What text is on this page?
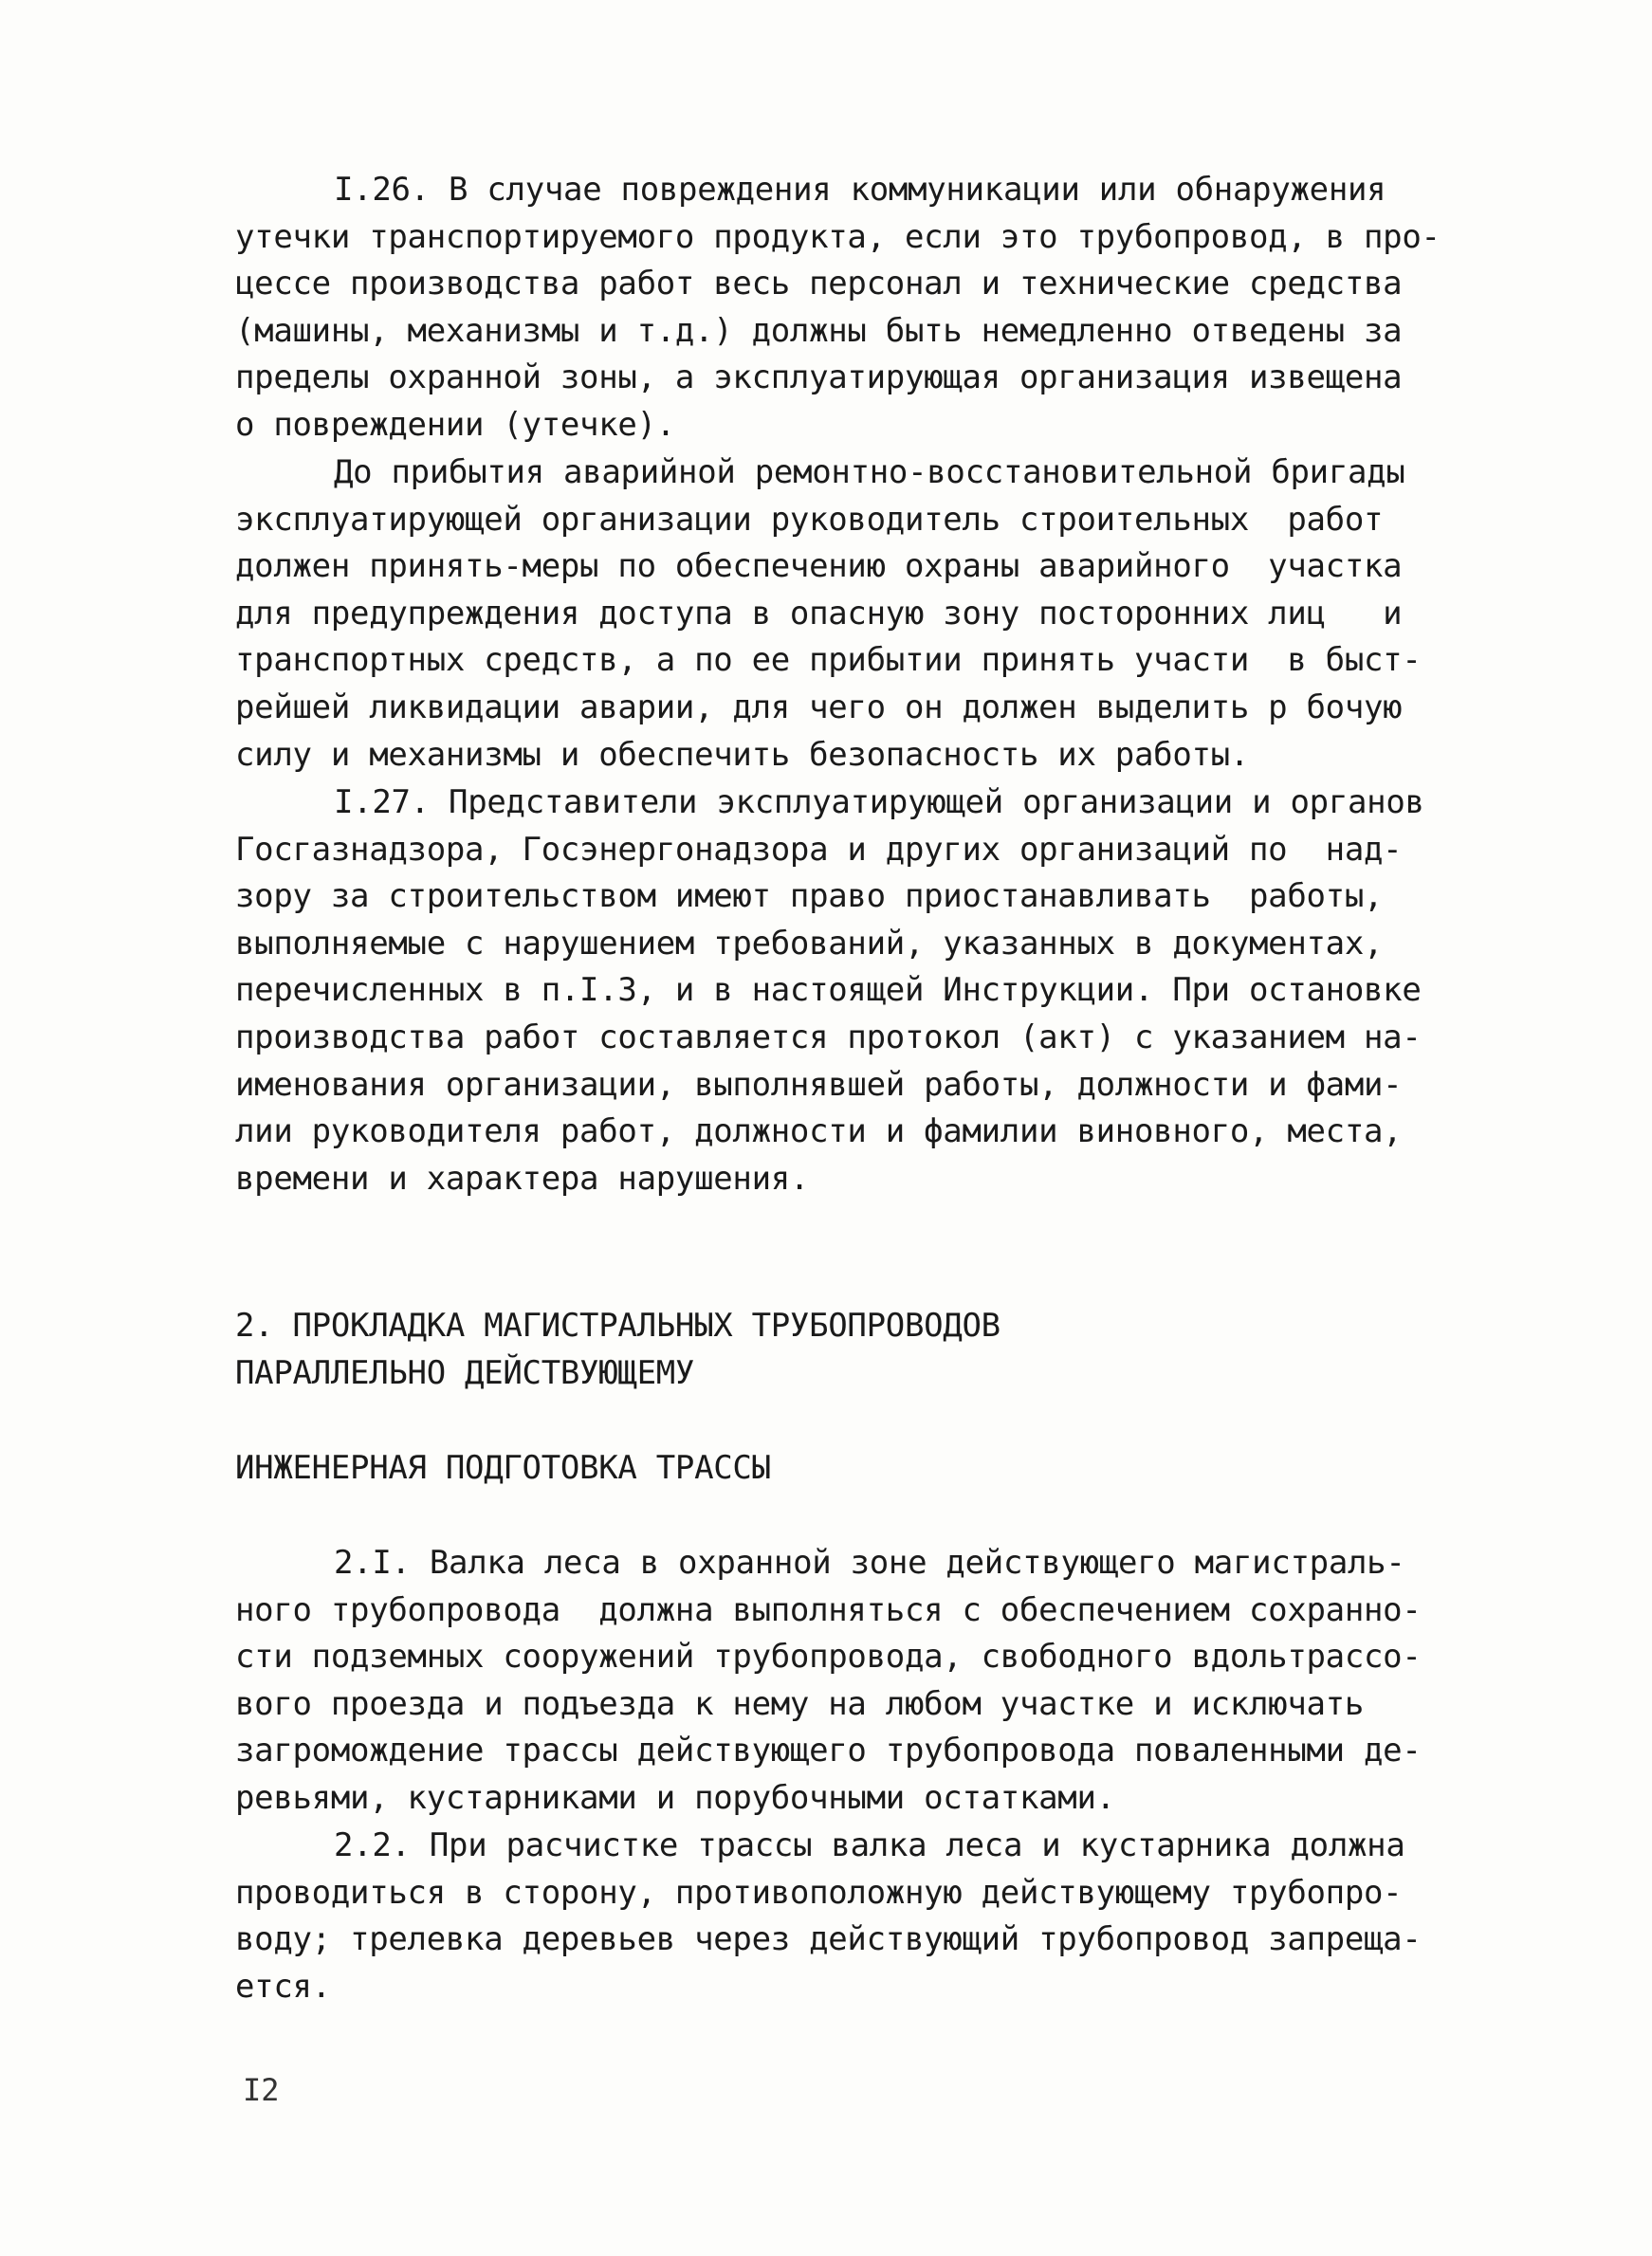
I.26. В случае повреждения коммуникации или обнаружения
утечки транспортируемого продукта, если это трубопровод, в про-
цессе производства работ весь персонал и технические средства
(машины, механизмы и т.д.) должны быть немедленно отведены за
пределы охранной зоны, а эксплуатирующая организация извещена
о повреждении (утечке).
До прибытия аварийной ремонтно-восстановительной бригады
эксплуатирующей организации руководитель строительных  работ
должен принять-меры по обеспечению охраны аварийного  участка
для предупреждения доступа в опасную зону посторонних лиц   и
транспортных средств, а по ее прибытии принять участи  в быст-
рейшей ликвидации аварии, для чего он должен выделить р бочую
силу и механизмы и обеспечить безопасность их работы.
I.27. Представители эксплуатирующей организации и органов
Госгазнадзора, Госэнергонадзора и других организаций по  над-
зору за строительством имеют право приостанавливать  работы,
выполняемые с нарушением требований, указанных в документах,
перечисленных в п.I.3, и в настоящей Инструкции. При остановке
производства работ составляется протокол (акт) с указанием на-
именования организации, выполнявшей работы, должности и фами-
лии руководителя работ, должности и фамилии виновного, места,
времени и характера нарушения.
2. ПРОКЛАДКА МАГИСТРАЛЬНЫХ ТРУБОПРОВОДОВ
ПАРАЛЛЕЛЬНО ДЕЙСТВУЮЩЕМУ
ИНЖЕНЕРНАЯ ПОДГОТОВКА ТРАССЫ
2.I. Валка леса в охранной зоне действующего магистраль-
ного трубопровода  должна выполняться с обеспечением сохранно-
сти подземных сооружений трубопровода, свободного вдольтрассо-
вого проезда и подъезда к нему на любом участке и исключать
загромождение трассы действующего трубопровода поваленными де-
ревьями, кустарниками и порубочными остатками.
2.2. При расчистке трассы валка леса и кустарника должна
проводиться в сторону, противоположную действующему трубопро-
воду; трелевка деревьев через действующий трубопровод запреща-
ется.
I2
